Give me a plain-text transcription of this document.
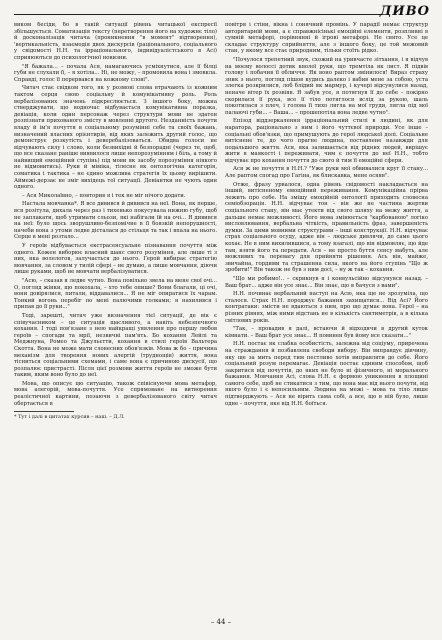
ДИВО

виком бесіди, бо в такій ситуації рівень читацької експресії збільшується. Соматизація тексту (перетворення його на художнє тіло) й досконалізація читача (проникнення "в момент" відтворення), 'вертикальність, взаємодія двох дискурсів (раціонального, соціального у свідомості Н.Н. та ірраціонального, індивідуалістського в Асі) сприяюються до психологічної новизни.

"Я бажала... – почала Ася, намагаючись усміхнутися, але її білці губи не слухали її, – я хотіла... Ні, не можу, – промовила вона і змовкла. Справді, голос її перервався на кожному слові".

Читач стає свідком того, як у розмові слова втрачають із кожним тактом серця свою соціальну й комунікативну роль. Роль вербалізованих значень підкреслюється. З іншого боку, можна стверджувати, що водночас відбувається комунікативна поразка, девіація, коли один персонаж через структури мови не здатен розпізнати прихованого змісту в мовленні другого. Незданність почути владу й ім'я почуття в соціальному розумінні себе та своїх бажань, визначений власних орієнтирів, від яких залежить другий голос, що демонструє розкутість і деверебалізоваться. Обидва голоси не відчувають силу і слово, коли безвихідні й безпорадні (через те, щоб, що все сказане раніше виявилося лише непорозумінням і біль, а тому й найвищий емоційний ступінь) під мови як засобу порозуміння ніякого не відмовитись). Руки й міміка, тілесне як онтологічна категорія, соматика і тактика – не єдино можлива стратегія їх цьому вирішити. Аймежі-дерзає не зміг вихідець тої ситуації. Девіантки не чують один одного.

– Ася Миколаївно, – повторив я і тек не міг нічого додати.

Настала мовчанка*. Я все дивився й дивився на неї. Вона, як перше, вся розітула, дихала через раз і тихенько покусувала нижню губу, щоб не заплакати, щоб утримати сльози, які набігали їй на очі... Я дивився на неї: було щось зворушливо-безпомічне в її боязкій непорушності, начеби вона з утоми ледве дісталася до стільця та так і впала на нього. Серце в мені розтало...

У героїв відбувається екстрасенсуальне пізнавання почуття між одного. Кожен виборює власний шанс свого розуміння, але лише ті з них, яка волелогов, залучається до нього. Герой вибирає стратегію мовчання, за словом у тилій сфері – не думаю, а лише мовчання, діючи лише руками, щоб не мовчати вербалізуватися.

"Асю, – сказав я ледве чутно. Вона повільно звела на мене свої очі... О, погляд жінки, що покохала, – хто тебе опише? Вони благали, ці очі, вони довірялися, питали, віддавалися... Я не міг опиратися їх чарам. Тонкий вогонь перебіг по мені палючими голками; я нахилився і припав до її руки..."

Тоді, зарешті, читач уже визначення тієї ситуації, де вік є співучасником – це ситуація щасливого, а навіть небезпечного кохання. І тоді пов'язане з нею найкращі уявлення про першу любов героїв – спогади та мрії, незвичні пам'ять. Бо кохання Лейлі та Меджнуна, Ромео та Джульєтти, кохання в стилі героїв Вальтера Скотта. Вона не може мати словесних обов'язків. Мова ж бо – причина механізм для творення нових алергій (труднощів) життя, вона тісниться соціальними схемами, і саме вона є причиною дискусії, що розпалює пристрасті. Після цієї розмови життя героїв не зможе бути таким, яким воно було до неї.

Мова, що описує цю ситуацію, також співіснуючи мова метафор, мова алегорій, мова-почуття. Усе спрямоване на витворення реалістичної картини, позаючи з девербалізованого світу читач обертається в

* Тут і далі в цитатах курсив – наш. – Д.Л.

повітря і стіни, вікна і сонячний промінь. У парадії немає структур авторитарній мови, а є справжнісінькі емоційні елементи, розпливні в сумній метафорі, порівнянні й ігрові метафорі. Не свято. Усе це складає структуру сприйняття, але з іншого боку, це той межовий стан, у якому все стає природним, тільки стоїть рідко.

"Почулося трепетний звук, схожий на уривчасте зітхання, і я відчув на моєму волоссі дотик кволої руки, що тремтіла як лист. Я підвів голову і побачив її обличчя. Як воно раптом змінилося! Вираз страху зник з нього, погляд пішов кудись далеко і вабив мене за собою, уста злегка розкрилися, лоб блідий як мармур, і кучері відсунулися назад, неначе вітер їх розвіяв. Я забув усе, я потягнув її до себе – покірно скорилася її рука, все її тіло потяглося вслід за рукою, шаль покотилася з плеч, і голова її тихо лягла на мої груди, лягла під мої палаючі губи... – Ваша... – прошепотіла вона ледве чутно".

Епізод віддзеркалення ірраціональний стилі в людині, як для наратора, раціонально з ним і його чуттєвої природи. Усе інше – соціальні обов'язки, що примушують до герої людської долі. Соціальне витіснене те, до чого прагне людина, поставлене назавжди для подальшого життя. Ася, яка залишається від рідних людей, вирішує жити в маякості і переживати, чим є почуття до неї Н.Н., тобто відчуває про кохання почуття до свого й тим її емоційні сфери.

Ася ж не почуття в Н.Н.? "Уже руки мої обвивалися круг її стану... Але раптом спогад про Гагіна, як блискавка, мене осяяв".

Отже, фразу урвалося, одна рівень свідомості накладається на інший, витісненому емоційний переживання. Комунікаційна прірва лежить про себе. На змішу емоційній онтології приходить словесна семіобзорація. Н.Н. відчуває тон – він же не частина жертви соціального стану, він має утекти від свого шляху на межу життя, а дальше немає можливості. Його мова змінюється "карбованою" логіко висловлювання, вербальна чіткість, правильність фраз, завершеність думки. За цими мовними структурами – інші конструкції. Н.Н. відчуває страх соціального осуду, адже він – людське дивлячи, до саме цього кохає. Не в ним вихилившися, а тому взагалі, що він відмовляє, що йде там, взяти його та передати. Ася – не просто буття сенсу мабуть, але можливих та перевагу для прийняти рішення. Ась він, майже, звичайна, гордими та страшенна сила, якого на його ступінь "Що ж зробити!" Він також не був з ним досі, – ну ж так – кохання.

"Що ми робимо!.. – скрикнув я і конвульсійно відсунувся назад. – Ваш брат... адже він усе знає... Він знає, що я бачуся з вами".

Н.Н. починає вербальний наступ на Асю, яка ще не зрозуміла, що сталося. Страх Н.Н. породжує бажання захищатися... Від Асі? Його контратаки: змісти не вдаються з ним, про що думає вона. Герої – на різних рівнях, між ними відстань не в кількість сантиметрів, а в кілька світлових років.

"Так, – провадив я далі, встаючи й відходячи в другий куток кімнати. – Ваш брат усе знає... Я повинен був йому все сказати..."

Н.Н. постає як слабка особистість, залежна від соціуму, приречена на страждання й позбавлена свободи вибору. Він виправдує дівчину, яку ще за мить перед тим пестливо хотів виправляти до себе. Його соціальний розум перемагає. Девіація постає єдиним способом, щоб закритися від почуттів, до яких не було ні фізичного, ні морального бажання. Мовчання Асі, слова Н.Н. є формою уникнення в площині самого себе, щоб не стикатися з тим, що вона має від нього почути, від якого було і є непосильним. Людина на межі – мова та тіло лише підтверджують – Ася не вірить сама собі, а все, що в ній було, лише одне – почуття, яке від Н.Н. боїться.

– 44 –
